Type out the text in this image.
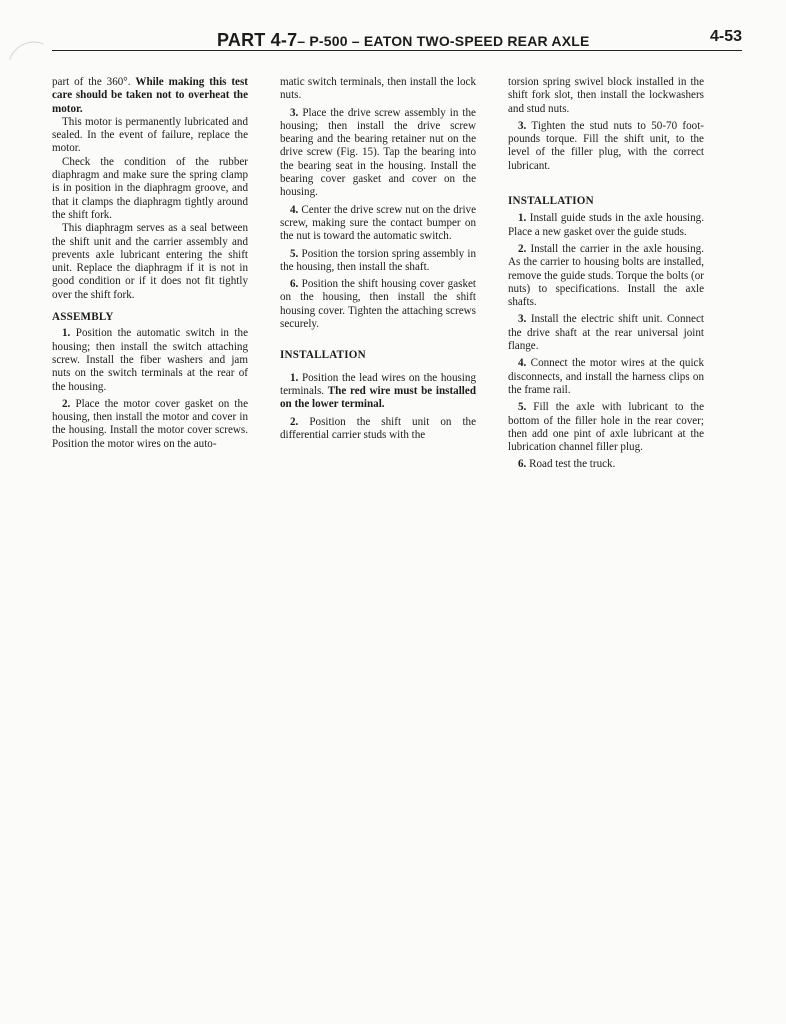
PART 4-7– P-500 – EATON TWO-SPEED REAR AXLE	4-53

part of the 360°. While making this test care should be taken not to overheat the motor.

This motor is permanently lubricated and sealed. In the event of failure, replace the motor.

Check the condition of the rubber diaphragm and make sure the spring clamp is in position in the diaphragm groove, and that it clamps the diaphragm tightly around the shift fork.

This diaphragm serves as a seal between the shift unit and the carrier assembly and prevents axle lubricant entering the shift unit. Replace the diaphragm if it is not in good condition or if it does not fit tightly over the shift fork.

ASSEMBLY

1. Position the automatic switch in the housing; then install the switch attaching screw. Install the fiber washers and jam nuts on the switch terminals at the rear of the housing.

2. Place the motor cover gasket on the housing, then install the motor and cover in the housing. Install the motor cover screws. Position the motor wires on the auto-

matic switch terminals, then install the lock nuts.

3. Place the drive screw assembly in the housing; then install the drive screw bearing and the bearing retainer nut on the drive screw (Fig. 15). Tap the bearing into the bearing seat in the housing. Install the bearing cover gasket and cover on the housing.

4. Center the drive screw nut on the drive screw, making sure the contact bumper on the nut is toward the automatic switch.

5. Position the torsion spring assembly in the housing, then install the shaft.

6. Position the shift housing cover gasket on the housing, then install the shift housing cover. Tighten the attaching screws securely.

INSTALLATION

1. Position the lead wires on the housing terminals. The red wire must be installed on the lower terminal.

2. Position the shift unit on the differential carrier studs with the

torsion spring swivel block installed in the shift fork slot, then install the lockwashers and stud nuts.

3. Tighten the stud nuts to 50-70 foot-pounds torque. Fill the shift unit, to the level of the filler plug, with the correct lubricant.

INSTALLATION

1. Install guide studs in the axle housing. Place a new gasket over the guide studs.

2. Install the carrier in the axle housing. As the carrier to housing bolts are installed, remove the guide studs. Torque the bolts (or nuts) to specifications. Install the axle shafts.

3. Install the electric shift unit. Connect the drive shaft at the rear universal joint flange.

4. Connect the motor wires at the quick disconnects, and install the harness clips on the frame rail.

5. Fill the axle with lubricant to the bottom of the filler hole in the rear cover; then add one pint of axle lubricant at the lubrication channel filler plug.

6. Road test the truck.
